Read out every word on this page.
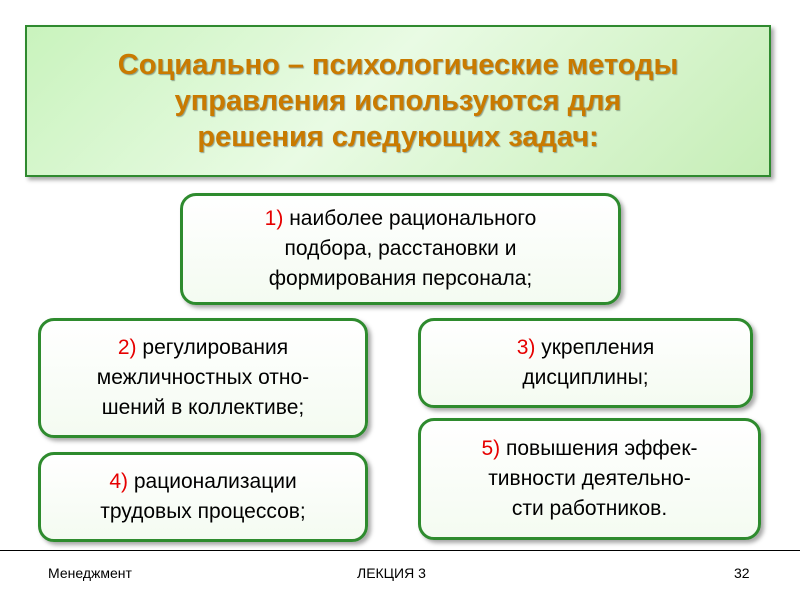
Социально – психологические методы
управления используются для
решения следующих задач:
1) наиболее рационального
подбора, расстановки и
формирования персонала;
2) регулирования
межличностных отно-
шений в коллективе;
3) укрепления
дисциплины;
4) рационализации
трудовых процессов;
5) повышения эффек-
тивности деятельно-
сти работников.
Менеджмент	ЛЕКЦИЯ 3	32
